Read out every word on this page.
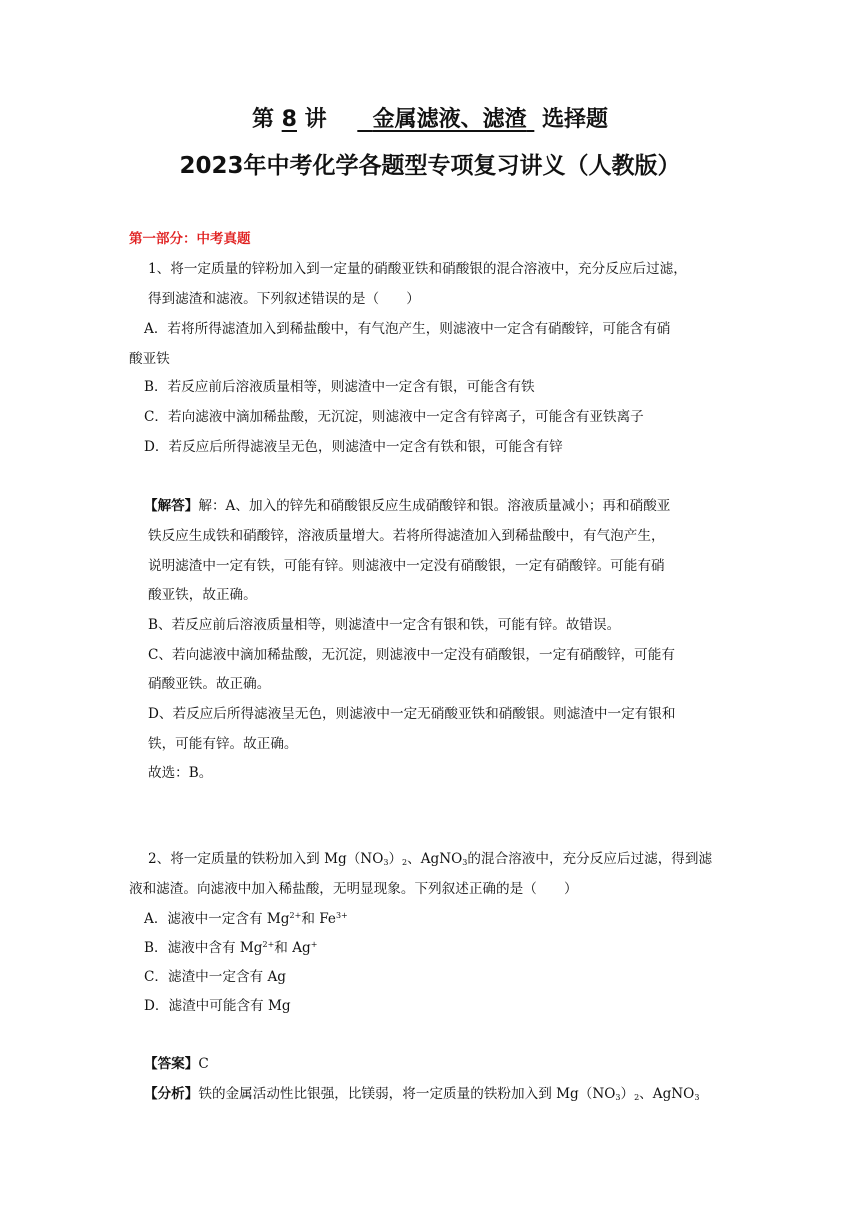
第 8 讲 金属滤液、滤渣 选择题
2023年中考化学各题型专项复习讲义（人教版）
第一部分：中考真题
1、将一定质量的锌粉加入到一定量的硝酸亚铁和硝酸银的混合溶液中，充分反应后过滤，
得到滤渣和滤液。下列叙述错误的是（　　）
A．若将所得滤渣加入到稀盐酸中，有气泡产生，则滤液中一定含有硝酸锌，可能含有硝
酸亚铁
B．若反应前后溶液质量相等，则滤渣中一定含有银，可能含有铁
C．若向滤液中滴加稀盐酸，无沉淀，则滤液中一定含有锌离子，可能含有亚铁离子
D．若反应后所得滤液呈无色，则滤渣中一定含有铁和银，可能含有锌
【解答】解：A、加入的锌先和硝酸银反应生成硝酸锌和银。溶液质量减小；再和硝酸亚
铁反应生成铁和硝酸锌，溶液质量增大。若将所得滤渣加入到稀盐酸中，有气泡产生，
说明滤渣中一定有铁，可能有锌。则滤液中一定没有硝酸银，一定有硝酸锌。可能有硝
酸亚铁，故正确。
B、若反应前后溶液质量相等，则滤渣中一定含有银和铁，可能有锌。故错误。
C、若向滤液中滴加稀盐酸，无沉淀，则滤液中一定没有硝酸银，一定有硝酸锌，可能有
硝酸亚铁。故正确。
D、若反应后所得滤液呈无色，则滤液中一定无硝酸亚铁和硝酸银。则滤渣中一定有银和
铁，可能有锌。故正确。
故选：B。
2、将一定质量的铁粉加入到 $Mg(NO_3)_2$、AgNO$_3$的混合溶液中，充分反应后过滤，得到滤
液和滤渣。向滤液中加入稀盐酸，无明显现象。下列叙述正确的是（　　）
A．滤液中一定含有 $Mg^{2+}$和 $Fe^{3+}$
B．滤液中含有 $Mg^{2+}$和 Ag+
C．滤渣中一定含有 Ag
D．滤渣中可能含有 Mg
【答案】C
【分析】铁的金属活动性比银强，比镁弱，将一定质量的铁粉加入到 $Mg(NO_3)_2$、AgNO$_3$
